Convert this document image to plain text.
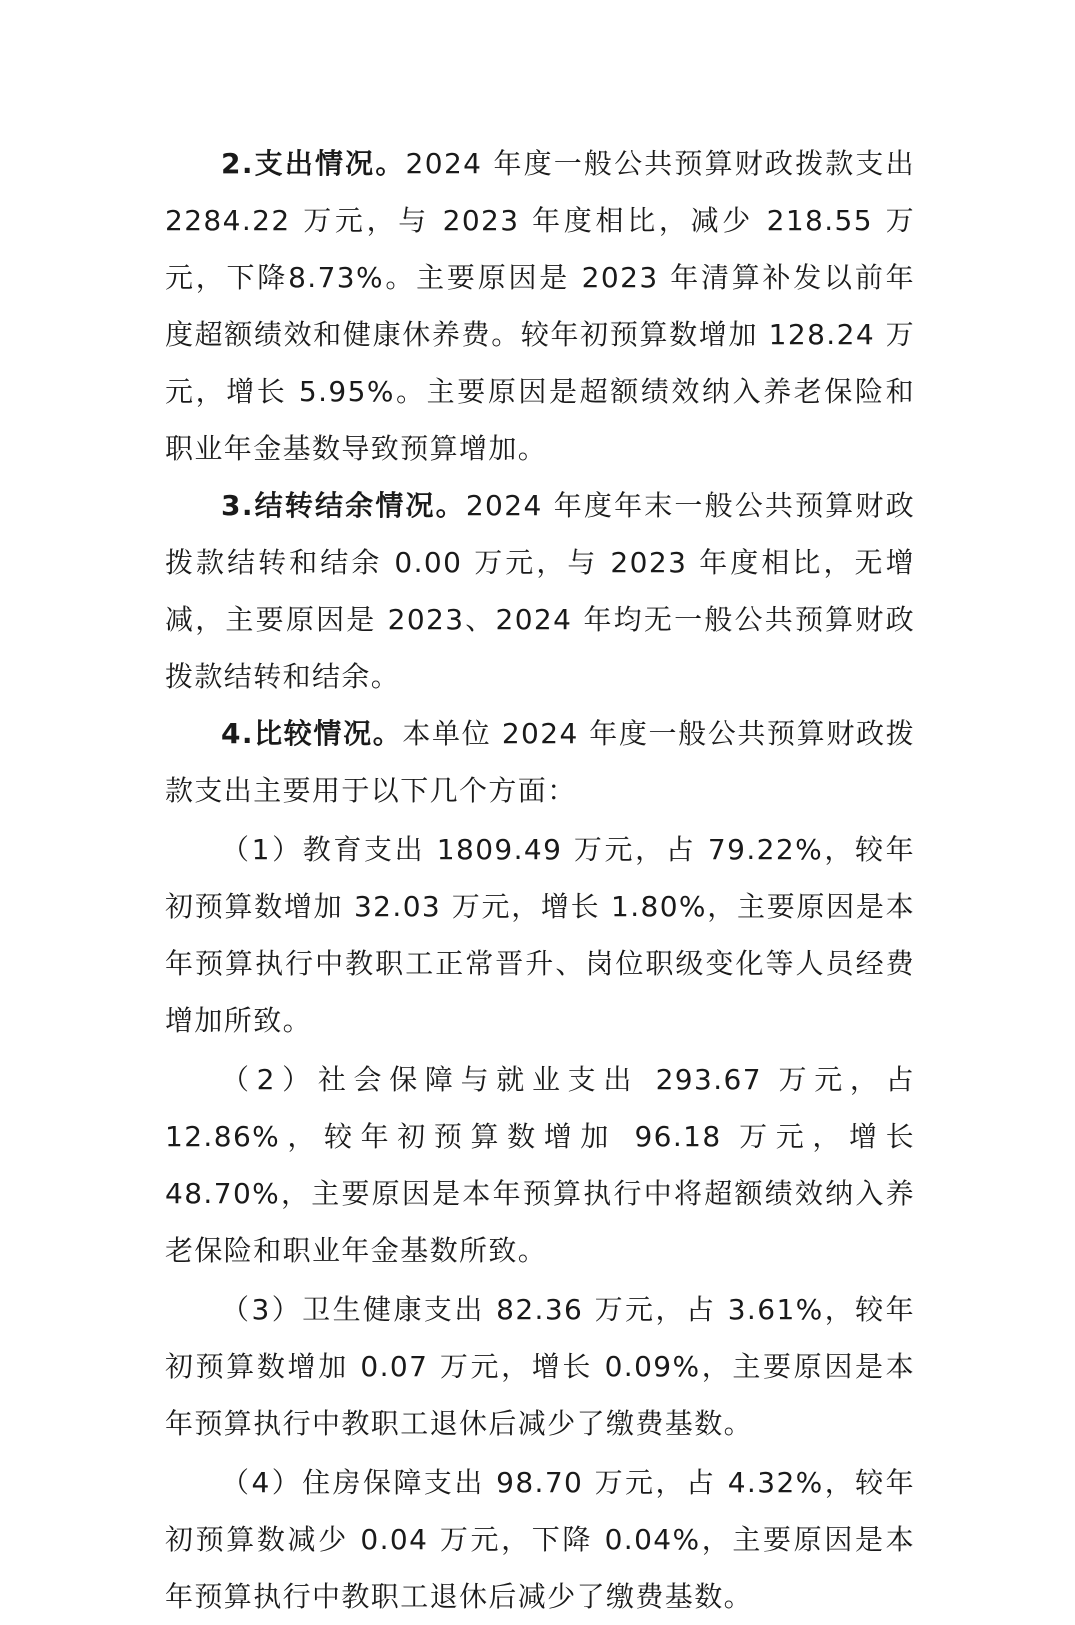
2.支出情况。2024 年度一般公共预算财政拨款支出2284.22 万元，与 2023 年度相比，减少 218.55 万元，下降8.73%。主要原因是 2023 年清算补发以前年度超额绩效和健康休养费。较年初预算数增加 128.24 万元，增长 5.95%。主要原因是超额绩效纳入养老保险和职业年金基数导致预算增加。

3.结转结余情况。2024 年度年末一般公共预算财政拨款结转和结余 0.00 万元，与 2023 年度相比，无增减，主要原因是 2023、2024 年均无一般公共预算财政拨款结转和结余。

4.比较情况。本单位 2024 年度一般公共预算财政拨款支出主要用于以下几个方面：

（1）教育支出 1809.49 万元，占 79.22%，较年初预算数增加 32.03 万元，增长 1.80%，主要原因是本年预算执行中教职工正常晋升、岗位职级变化等人员经费增加所致。

（2）社会保障与就业支出 293.67 万元，占 12.86%，较年初预算数增加 96.18 万元，增长 48.70%，主要原因是本年预算执行中将超额绩效纳入养老保险和职业年金基数所致。

（3）卫生健康支出 82.36 万元，占 3.61%，较年初预算数增加 0.07 万元，增长 0.09%，主要原因是本年预算执行中教职工退休后减少了缴费基数。

（4）住房保障支出 98.70 万元，占 4.32%，较年初预算数减少 0.04 万元，下降 0.04%，主要原因是本年预算执行中教职工退休后减少了缴费基数。
